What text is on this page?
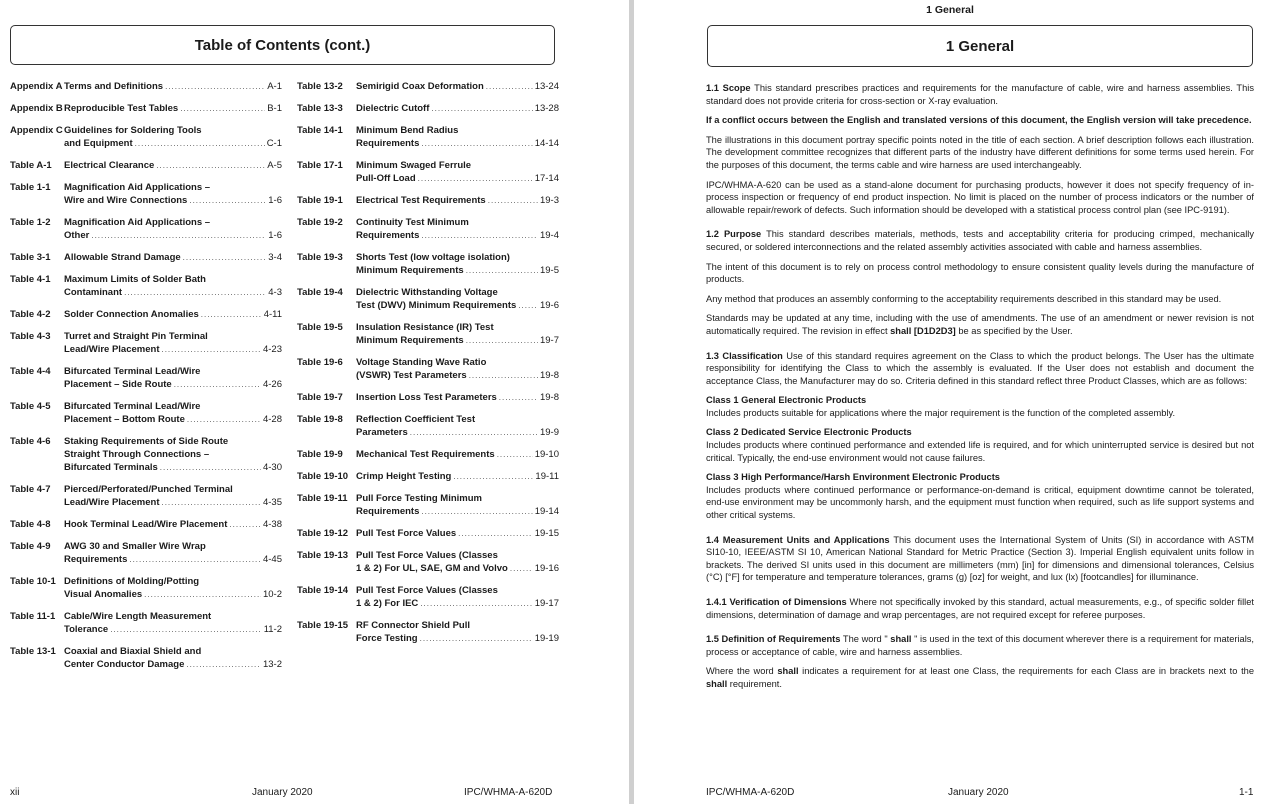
Table of Contents (cont.)
Appendix A Terms and Definitions .....	A-1
Appendix B Reproducible Test Tables .....	B-1
Appendix C Guidelines for Soldering Tools
and Equipment .....	C-1
Table A-1 Electrical Clearance .....	A-5
Table 1-1 Magnification Aid Applications –
Wire and Wire Connections .....	1-6
Table 1-2 Magnification Aid Applications –
Other .....	1-6
Table 3-1 Allowable Strand Damage .....	3-4
Table 4-1 Maximum Limits of Solder Bath
Contaminant .....	4-3
Table 4-2 Solder Connection Anomalies .....	4-11
Table 4-3 Turret and Straight Pin Terminal
Lead/Wire Placement .....	4-23
Table 4-4 Bifurcated Terminal Lead/Wire
Placement – Side Route .....	4-26
Table 4-5 Bifurcated Terminal Lead/Wire
Placement – Bottom Route .....	4-28
Table 4-6 Staking Requirements of Side Route
Straight Through Connections –
Bifurcated Terminals .....	4-30
Table 4-7 Pierced/Perforated/Punched Terminal
Lead/Wire Placement .....	4-35
Table 4-8 Hook Terminal Lead/Wire Placement .....	4-38
Table 4-9 AWG 30 and Smaller Wire Wrap
Requirements .....	4-45
Table 10-1 Definitions of Molding/Potting
Visual Anomalies .....	10-2
Table 11-1 Cable/Wire Length Measurement
Tolerance .....	11-2
Table 13-1 Coaxial and Biaxial Shield and
Center Conductor Damage .....	13-2
Table 13-2 Semirigid Coax Deformation .....	13-24
Table 13-3 Dielectric Cutoff .....	13-28
Table 14-1 Minimum Bend Radius
Requirements .....	14-14
Table 17-1 Minimum Swaged Ferrule
Pull-Off Load .....	17-14
Table 19-1 Electrical Test Requirements .....	19-3
Table 19-2 Continuity Test Minimum
Requirements .....	19-4
Table 19-3 Shorts Test (low voltage isolation)
Minimum Requirements .....	19-5
Table 19-4 Dielectric Withstanding Voltage
Test (DWV) Minimum Requirements ..... 19-6
Table 19-5 Insulation Resistance (IR) Test
Minimum Requirements .....	19-7
Table 19-6 Voltage Standing Wave Ratio
(VSWR) Test Parameters .....	19-8
Table 19-7 Insertion Loss Test Parameters .....	19-8
Table 19-8 Reflection Coefficient Test
Parameters .....	19-9
Table 19-9 Mechanical Test Requirements .....	19-10
Table 19-10 Crimp Height Testing .....	19-11
Table 19-11 Pull Force Testing Minimum
Requirements .....	19-14
Table 19-12 Pull Test Force Values .....	19-15
Table 19-13 Pull Test Force Values (Classes
1 & 2) For UL, SAE, GM and Volvo .....	19-16
Table 19-14 Pull Test Force Values (Classes
1 & 2) For IEC .....	19-17
Table 19-15 RF Connector Shield Pull
Force Testing .....	19-19
xii	January 2020	IPC/WHMA-A-620D
1 General
1 General

1.1 Scope This standard prescribes practices and requirements for the manufacture of cable, wire and harness assemblies. This standard does not provide criteria for cross-section or X-ray evaluation.

If a conflict occurs between the English and translated versions of this document, the English version will take precedence.

The illustrations in this document portray specific points noted in the title of each section. A brief description follows each illustration. The development committee recognizes that different parts of the industry have different definitions for some terms used herein. For the purposes of this document, the terms cable and wire harness are used interchangeably.

IPC/WHMA-A-620 can be used as a stand-alone document for purchasing products, however it does not specify frequency of in-process inspection or frequency of end product inspection. No limit is placed on the number of process indicators or the number of allowable repair/rework of defects. Such information should be developed with a statistical process control plan (see IPC-9191).

1.2 Purpose This standard describes materials, methods, tests and acceptability criteria for producing crimped, mechanically secured, or soldered interconnections and the related assembly activities associated with cable and harness assemblies.

The intent of this document is to rely on process control methodology to ensure consistent quality levels during the manufacture of products.

Any method that produces an assembly conforming to the acceptability requirements described in this standard may be used.

Standards may be updated at any time, including with the use of amendments. The use of an amendment or newer revision is not automatically required. The revision in effect shall [D1D2D3] be as specified by the User.

1.3 Classification Use of this standard requires agreement on the Class to which the product belongs. The User has the ultimate responsibility for identifying the Class to which the assembly is evaluated. If the User does not establish and document the acceptance Class, the Manufacturer may do so. Criteria defined in this standard reflect three Product Classes, which are as follows:

Class 1 General Electronic Products

Includes products suitable for applications where the major requirement is the function of the completed assembly.

Class 2 Dedicated Service Electronic Products

Includes products where continued performance and extended life is required, and for which uninterrupted service is desired but not critical. Typically, the end-use environment would not cause failures.

Class 3 High Performance/Harsh Environment Electronic Products

Includes products where continued performance or performance-on-demand is critical, equipment downtime cannot be tolerated, end-use environment may be uncommonly harsh, and the equipment must function when required, such as life support systems and other critical systems.

1.4 Measurement Units and Applications This document uses the International System of Units (SI) in accordance with ASTM SI10-10, IEEE/ASTM SI 10, American National Standard for Metric Practice (Section 3). Imperial English equivalent units follow in brackets. The derived SI units used in this document are millimeters (mm) [in] for dimensions and dimensional tolerances, Celsius (°C) [°F] for temperature and temperature tolerances, grams (g) [oz] for weight, and lux (lx) [footcandles] for illuminance.

1.4.1 Verification of Dimensions Where not specifically invoked by this standard, actual measurements, e.g., of specific solder fillet dimensions, determination of damage and wrap percentages, are not required except for referee purposes.

1.5 Definition of Requirements The word " shall " is used in the text of this document wherever there is a requirement for materials, process or acceptance of cable, wire and harness assemblies.

Where the word shall indicates a requirement for at least one Class, the requirements for each Class are in brackets next to the shall requirement.

IPC/WHMA-A-620D	January 2020	1-1
